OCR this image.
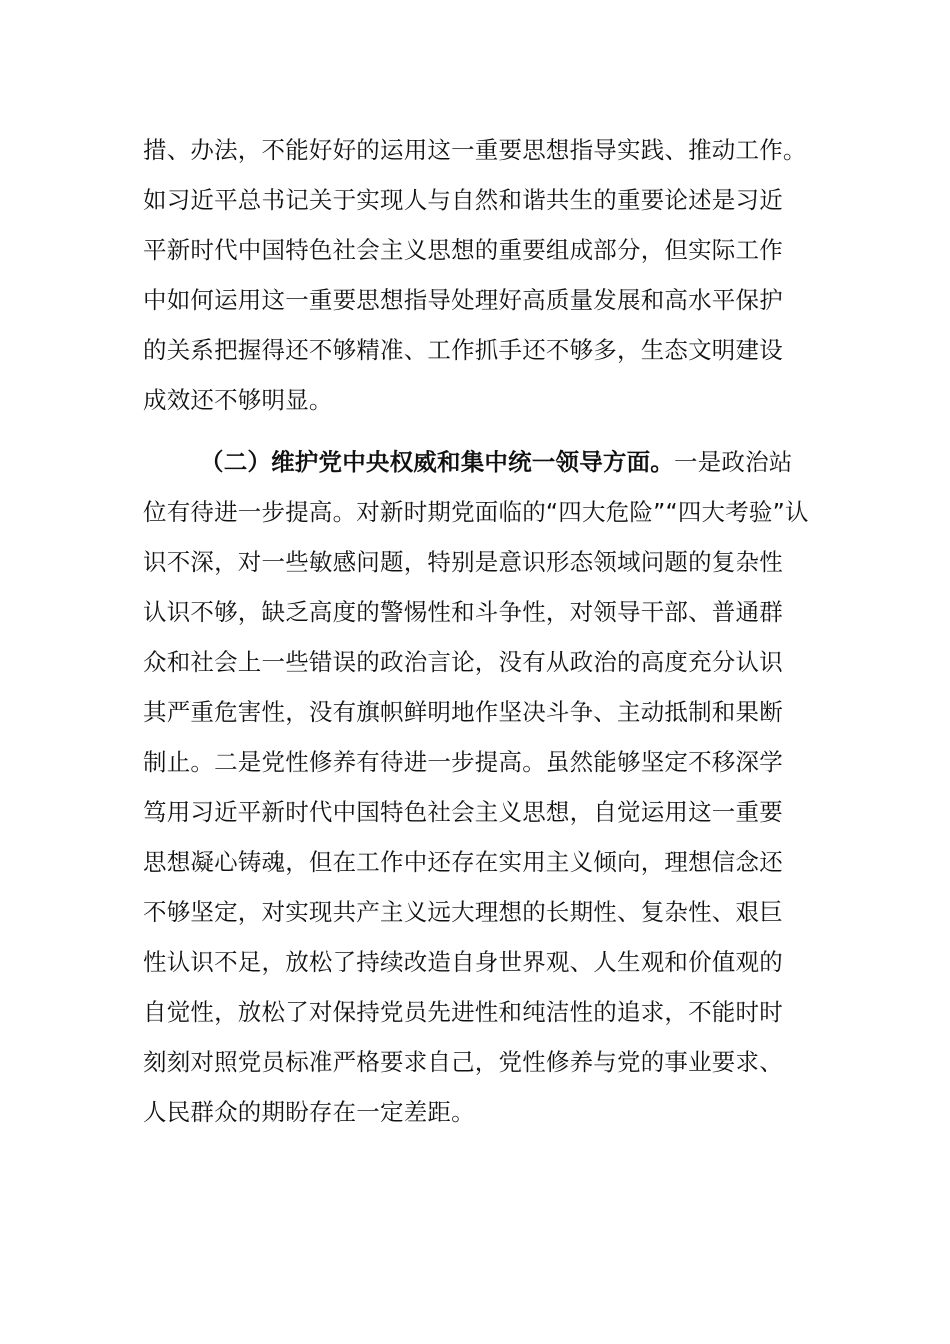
措、办法，不能好好的运用这一重要思想指导实践、推动工作。
如习近平总书记关于实现人与自然和谐共生的重要论述是习近
平新时代中国特色社会主义思想的重要组成部分，但实际工作
中如何运用这一重要思想指导处理好高质量发展和高水平保护
的关系把握得还不够精准、工作抓手还不够多，生态文明建设
成效还不够明显。
（二）维护党中央权威和集中统一领导方面。一是政治站
位有待进一步提高。对新时期党面临的“四大危险”“四大考验”认
识不深，对一些敏感问题，特别是意识形态领域问题的复杂性
认识不够，缺乏高度的警惕性和斗争性，对领导干部、普通群
众和社会上一些错误的政治言论，没有从政治的高度充分认识
其严重危害性，没有旗帜鲜明地作坚决斗争、主动抵制和果断
制止。二是党性修养有待进一步提高。虽然能够坚定不移深学
笃用习近平新时代中国特色社会主义思想，自觉运用这一重要
思想凝心铸魂，但在工作中还存在实用主义倾向，理想信念还
不够坚定，对实现共产主义远大理想的长期性、复杂性、艰巨
性认识不足，放松了持续改造自身世界观、人生观和价值观的
自觉性，放松了对保持党员先进性和纯洁性的追求，不能时时
刻刻对照党员标准严格要求自己，党性修养与党的事业要求、
人民群众的期盼存在一定差距。
